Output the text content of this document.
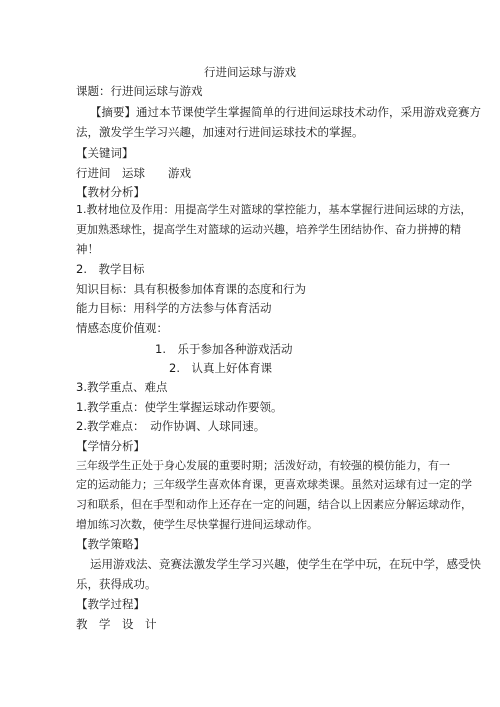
行进间运球与游戏
课题：行进间运球与游戏
【摘要】通过本节课使学生掌握简单的行进间运球技术动作，采用游戏竞赛方
法，激发学生学习兴趣，加速对行进间运球技术的掌握。
【关键词】
行进间　运球　　游戏
【教材分析】
1.教材地位及作用：用提高学生对篮球的掌控能力，基本掌握行进间运球的方法，
更加熟悉球性，提高学生对篮球的运动兴趣，培养学生团结协作、奋力拼搏的精
神！
2.　教学目标
知识目标：具有积极参加体育课的态度和行为
能力目标：用科学的方法参与体育活动
情感态度价值观：
1.　乐于参加各种游戏活动
2.　认真上好体育课
3.教学重点、难点
1.教学重点：使学生掌握运球动作要领。
2.教学难点：　动作协调、人球同速。
【学情分析】
三年级学生正处于身心发展的重要时期；活泼好动，有较强的模仿能力，有一
定的运动能力；三年级学生喜欢体育课，更喜欢球类课。虽然对运球有过一定的学
习和联系，但在手型和动作上还存在一定的问题，结合以上因素应分解运球动作，
增加练习次数，使学生尽快掌握行进间运球动作。
【教学策略】
运用游戏法、竞赛法激发学生学习兴趣，使学生在学中玩，在玩中学，感受快
乐，获得成功。
【教学过程】
教　学　设　计
